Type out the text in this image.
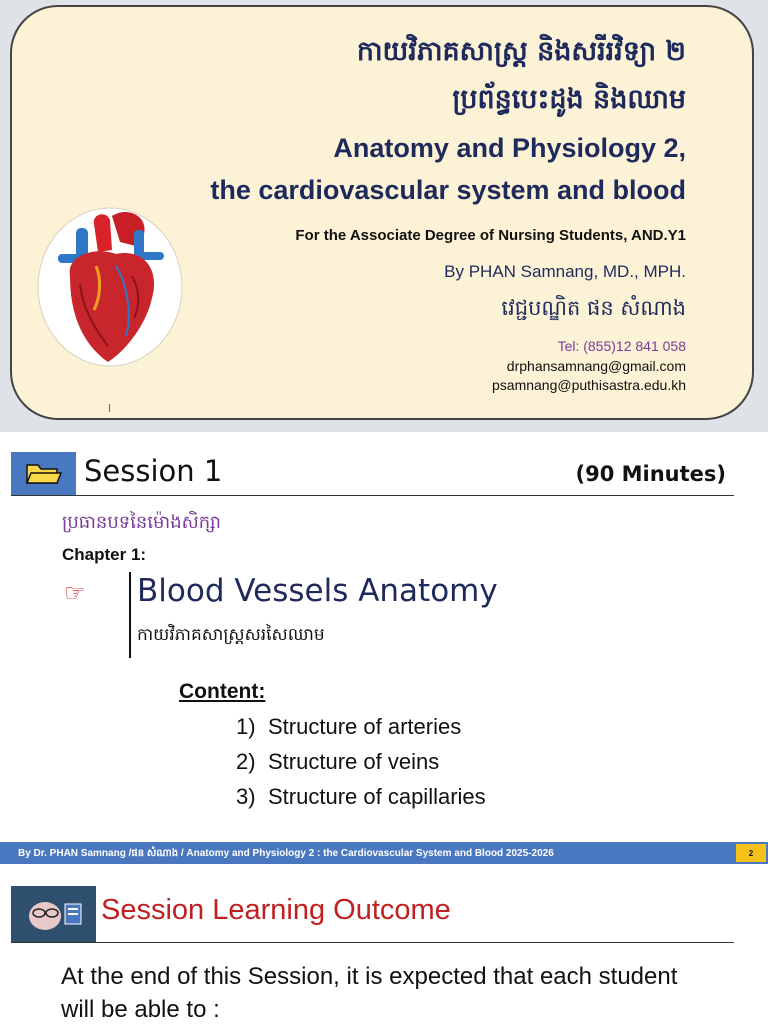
កាយវិភាគសាស្ត្រ និងសរីរវិទ្យា ២
ប្រព័ន្ធបេះដូង និងឈាម
Anatomy and Physiology 2,
the cardiovascular system and blood
For the Associate Degree of Nursing Students, AND.Y1
By PHAN Samnang, MD., MPH.
វេជ្ជបណ្ឌិត ផន សំណាង
Tel: (855)12 841 058
drphansamnang@gmail.com
psamnang@puthisastra.edu.kh
Session 1	(90 Minutes)
ប្រធានបទនៃម៉ោងសិក្សា
Chapter 1:
☞ Blood Vessels Anatomy
កាយវិភាគសាស្ត្រសរសៃឈាម
Content:
1) Structure of arteries
2) Structure of veins
3) Structure of capillaries
By Dr. PHAN Samnang /ផន សំណាង / Anatomy and Physiology 2 : the Cardiovascular System and Blood 2025-2026	2
Session Learning Outcome
At the end of this Session, it is expected that each student will be able to :
